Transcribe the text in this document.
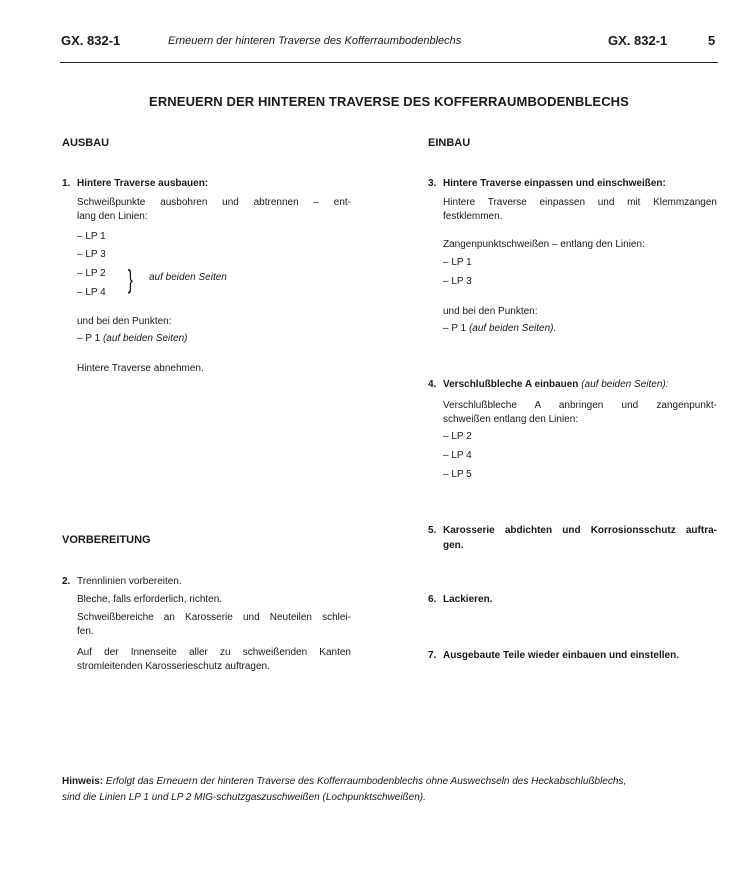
GX. 832-1	Erneuern der hinteren Traverse des Kofferraumbodenblechs	GX. 832-1	5
ERNEUERN DER HINTEREN TRAVERSE DES KOFFERRAUMBODENBLECHS
AUSBAU
1. Hintere Traverse ausbauen:
Schweißpunkte ausbohren und abtrennen – ent-
lang den Linien:
– LP 1
– LP 3
– LP 2
– LP 4 } auf beiden Seiten
und bei den Punkten:
– P 1 (auf beiden Seiten)
Hintere Traverse abnehmen.
VORBEREITUNG
2. Trennlinien vorbereiten.
Bleche, falls erforderlich, richten.
Schweißbereiche an Karosserie und Neuteilen schlei-
fen.
Auf der Innenseite aller zu schweißenden Kanten
stromleitenden Karosserieschutz auftragen.
EINBAU
3. Hintere Traverse einpassen und einschweißen:
Hintere Traverse einpassen und mit Klemmzangen
festklemmen.
Zangenpunktschweißen – entlang den Linien:
– LP 1
– LP 3
und bei den Punkten:
– P 1 (auf beiden Seiten).
4. Verschlußbleche A einbauen (auf beiden Seiten):
Verschlußbleche A anbringen und zangenpunkt-
schweißen entlang den Linien:
– LP 2
– LP 4
– LP 5
5. Karosserie abdichten und Korrosionsschutz auftra-
gen.
6. Lackieren.
7. Ausgebaute Teile wieder einbauen und einstellen.
Hinweis: Erfolgt das Erneuern der hinteren Traverse des Kofferraumbodenblechs ohne Auswechseln des Heckabschlußblechs,
sind die Linien LP 1 und LP 2 MIG-schutzgaszuschweißen (Lochpunktschweißen).
